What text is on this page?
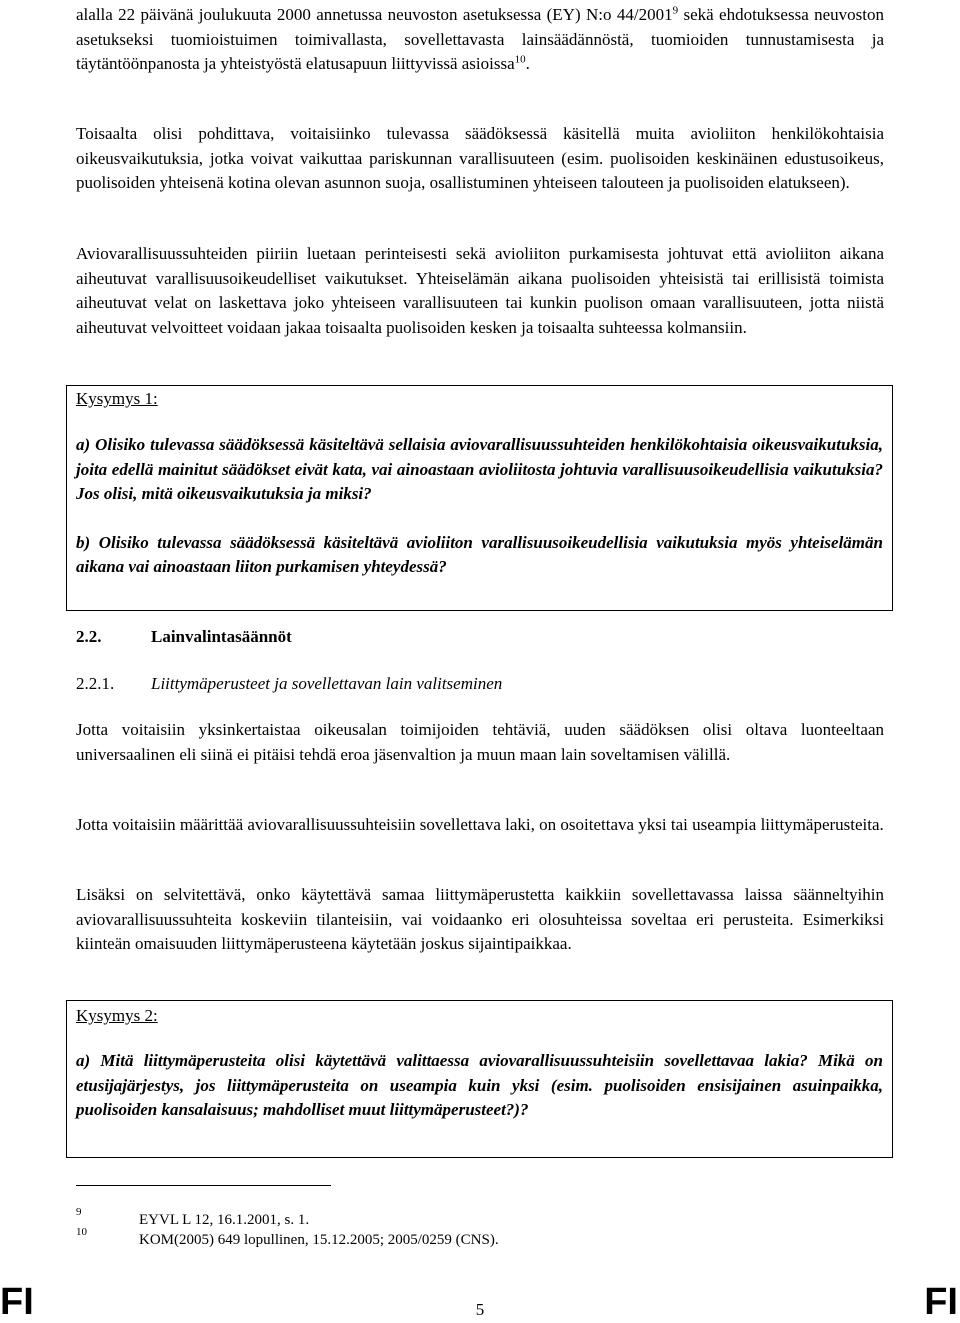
alalla 22 päivänä joulukuuta 2000 annetussa neuvoston asetuksessa (EY) N:o 44/2001$^9$ sekä ehdotuksessa neuvoston asetukseksi tuomioistuimen toimivallasta, sovellettavasta lainsäädännöstä, tuomioiden tunnustamisesta ja täytäntöönpanosta ja yhteistyöstä elatusapuun liittyvissä asioissa$^{10}$.

Toisaalta olisi pohdittava, voitaisiinko tulevassa säädöksessä käsitellä muita avioliiton henkilökohtaisia oikeusvaikutuksia, jotka voivat vaikuttaa pariskunnan varallisuuteen (esim. puolisoiden keskinäinen edustusoikeus, puolisoiden yhteisenä kotina olevan asunnon suoja, osallistuminen yhteiseen talouteen ja puolisoiden elatukseen).

Aviovarallisuussuhteiden piiriin luetaan perinteisesti sekä avioliiton purkamisesta johtuvat että avioliiton aikana aiheutuvat varallisuusoikeudelliset vaikutukset. Yhteiselämän aikana puolisoiden yhteisistä tai erillisistä toimista aiheutuvat velat on laskettava joko yhteiseen varallisuuteen tai kunkin puolison omaan varallisuuteen, jotta niistä aiheutuvat velvoitteet voidaan jakaa toisaalta puolisoiden kesken ja toisaalta suhteessa kolmansiin.

Kysymys 1:

a) Olisiko tulevassa säädöksessä käsiteltävä sellaisia aviovarallisuussuhteiden henkilökohtaisia oikeusvaikutuksia, joita edellä mainitut säädökset eivät kata, vai ainoastaan avioliitosta johtuvia varallisuusoikeudellisia vaikutuksia? Jos olisi, mitä oikeusvaikutuksia ja miksi?

b) Olisiko tulevassa säädöksessä käsiteltävä avioliiton varallisuusoikeudellisia vaikutuksia myös yhteiselämän aikana vai ainoastaan liiton purkamisen yhteydessä?

2.2.	Lainvalintasäännöt

2.2.1. Liittymäperusteet ja sovellettavan lain valitseminen

Jotta voitaisiin yksinkertaistaa oikeusalan toimijoiden tehtäviä, uuden säädöksen olisi oltava luonteeltaan universaalinen eli siinä ei pitäisi tehdä eroa jäsenvaltion ja muun maan lain soveltamisen välillä.

Jotta voitaisiin määrittää aviovarallisuussuhteisiin sovellettava laki, on osoitettava yksi tai useampia liittymäperusteita.

Lisäksi on selvitettävä, onko käytettävä samaa liittymäperustetta kaikkiin sovellettavassa laissa säänneltyihin aviovarallisuussuhteita koskeviin tilanteisiin, vai voidaanko eri olosuhteissa soveltaa eri perusteita. Esimerkiksi kiinteän omaisuuden liittymäperusteena käytetään joskus sijaintipaikkaa.

Kysymys 2:

a) Mitä liittymäperusteita olisi käytettävä valittaessa aviovarallisuussuhteisiin sovellettavaa lakia? Mikä on etusijajärjestys, jos liittymäperusteita on useampia kuin yksi (esim. puolisoiden ensisijainen asuinpaikka, puolisoiden kansalaisuus; mahdolliset muut liittymäperusteet?)?

9	EYVL L 12, 16.1.2001, s. 1.
10	KOM(2005) 649 lopullinen, 15.12.2005; 2005/0259 (CNS).
FI	5	FI
